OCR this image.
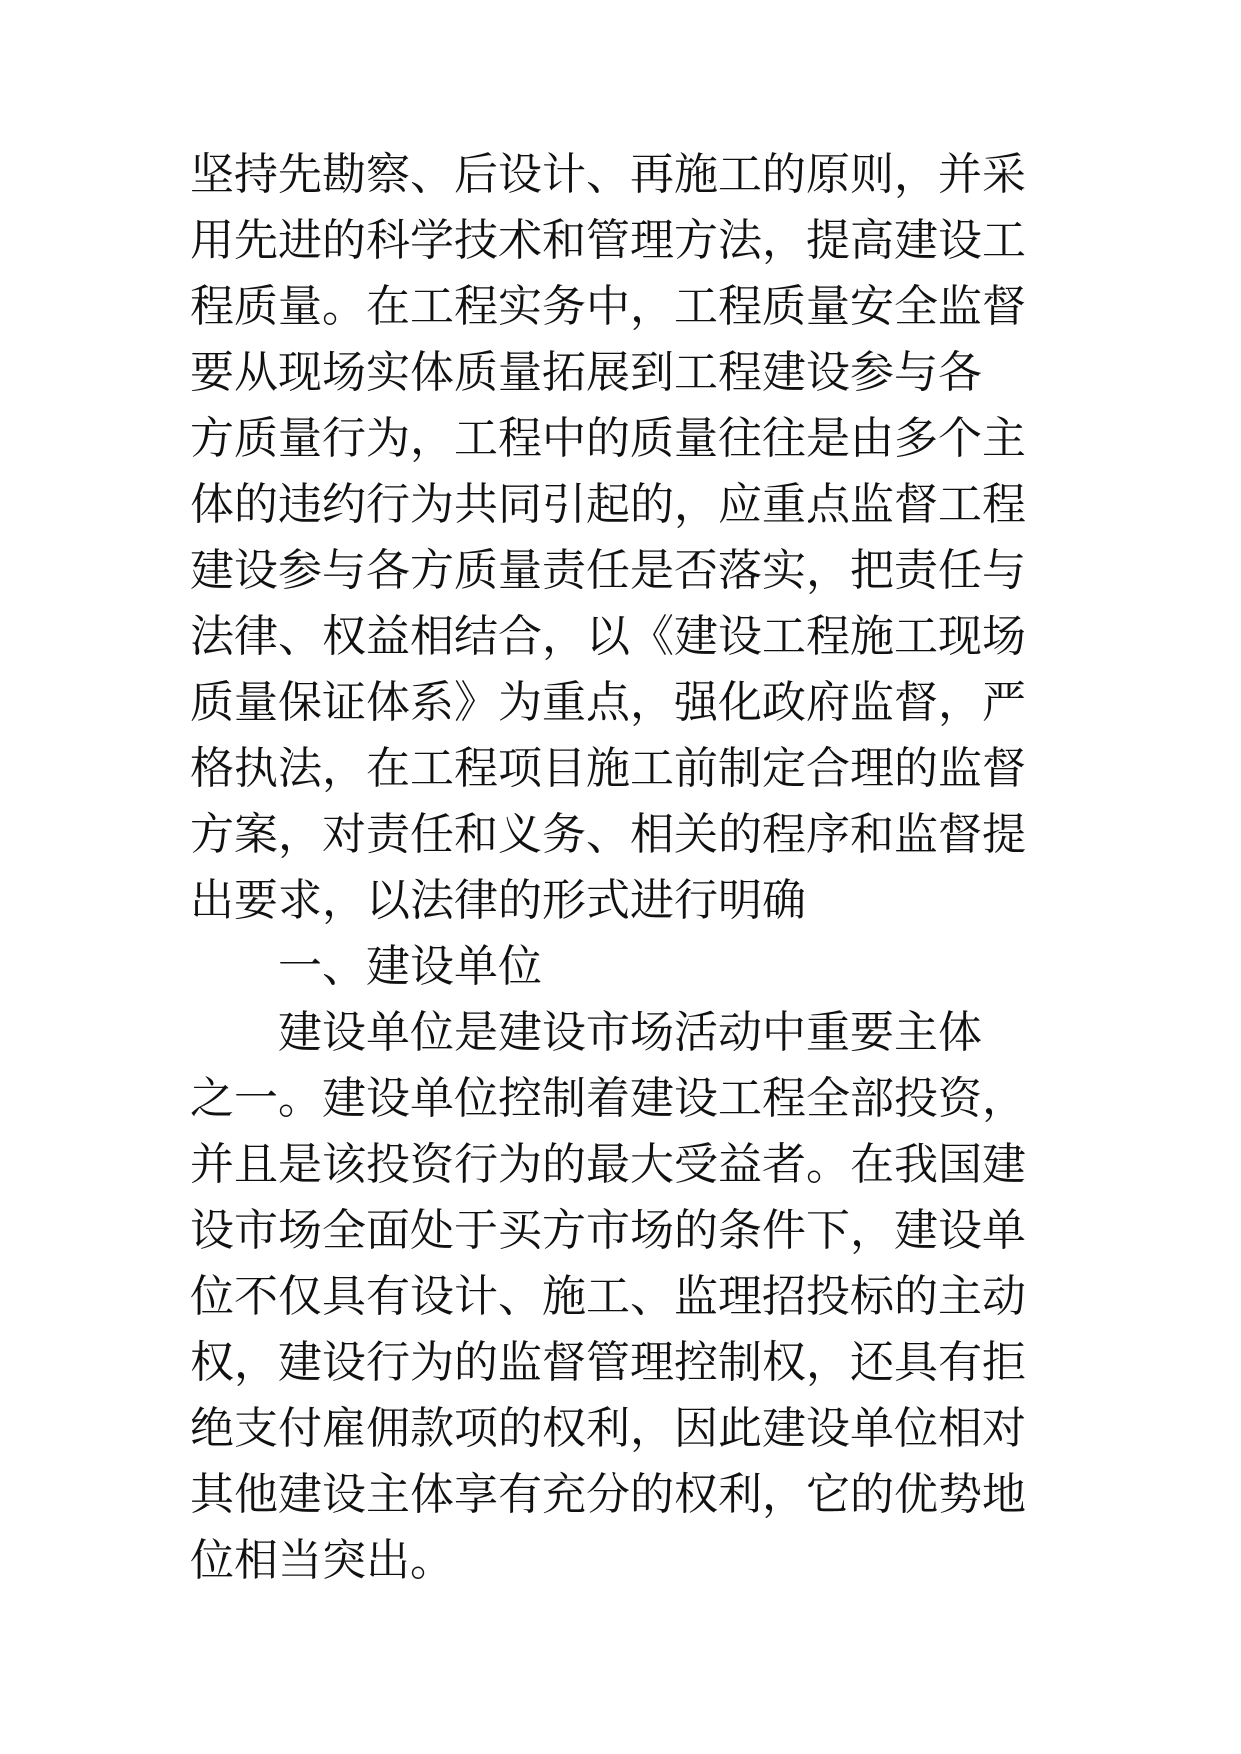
坚持先勘察、后设计、再施工的原则，并采
用先进的科学技术和管理方法，提高建设工
程质量。在工程实务中，工程质量安全监督
要从现场实体质量拓展到工程建设参与各
方质量行为，工程中的质量往往是由多个主
体的违约行为共同引起的，应重点监督工程
建设参与各方质量责任是否落实，把责任与
法律、权益相结合，以《建设工程施工现场
质量保证体系》为重点，强化政府监督，严
格执法，在工程项目施工前制定合理的监督
方案，对责任和义务、相关的程序和监督提
出要求，以法律的形式进行明确
一、建设单位
建设单位是建设市场活动中重要主体
之一。建设单位控制着建设工程全部投资，
并且是该投资行为的最大受益者。在我国建
设市场全面处于买方市场的条件下，建设单
位不仅具有设计、施工、监理招投标的主动
权，建设行为的监督管理控制权，还具有拒
绝支付雇佣款项的权利，因此建设单位相对
其他建设主体享有充分的权利，它的优势地
位相当突出。
